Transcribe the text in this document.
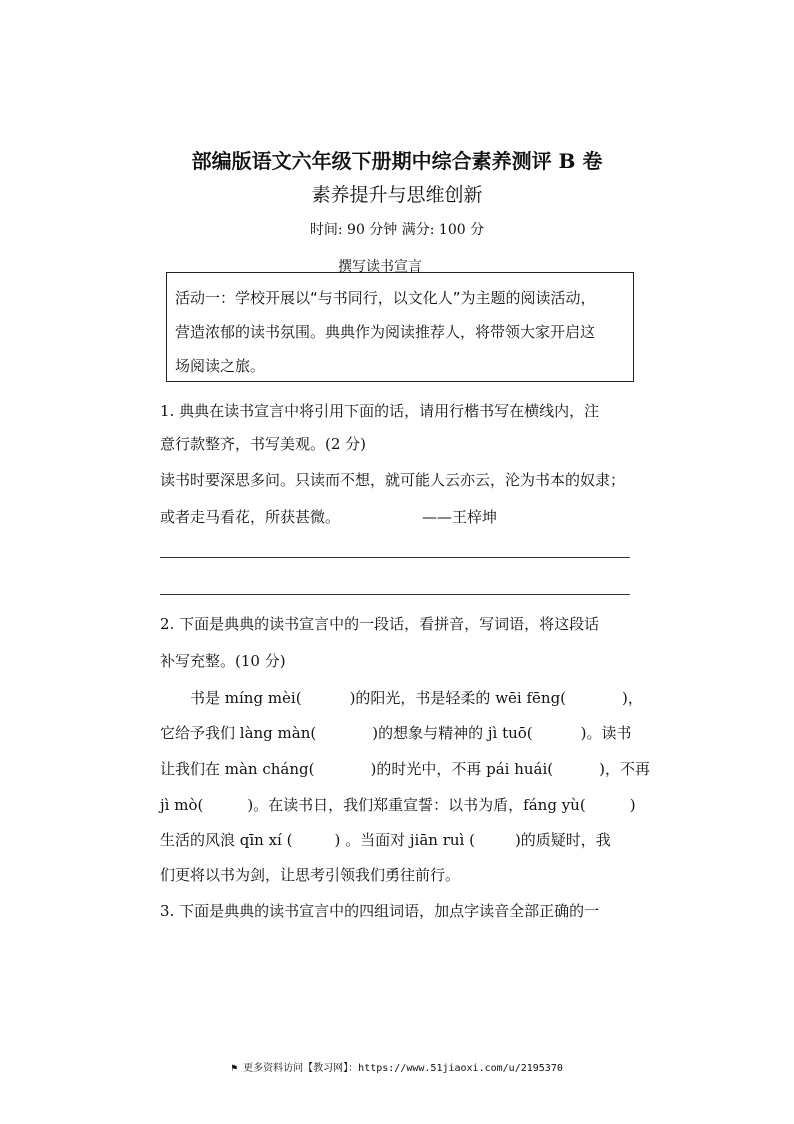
部编版语文六年级下册期中综合素养测评 B 卷
素养提升与思维创新
时间: 90 分钟 满分: 100 分
撰写读书宣言
活动一：学校开展以“与书同行，以文化人”为主题的阅读活动，
营造浓郁的读书氛围。典典作为阅读推荐人，将带领大家开启这
场阅读之旅。
1. 典典在读书宣言中将引用下面的话，请用行楷书写在横线内，注
意行款整齐，书写美观。(2 分)
读书时要深思多问。只读而不想，就可能人云亦云，沦为书本的奴隶；
或者走马看花，所获甚微。	——王梓坤
2. 下面是典典的读书宣言中的一段话，看拼音，写词语，将这段话
补写充整。(10 分)
书是 míng mèi(	)的阳光，书是轻柔的 wēi fēng(	)，
它给予我们 làng màn(	)的想象与精神的 jì tuō(	)。读书
让我们在 màn cháng(	)的时光中，不再 pái huái(	)，不再
jì mò(	)。在读书日，我们郑重宣誓：以书为盾，fáng yù(	)
生活的风浪 qīn xí (	) 。当面对 jiān ruì (	)的质疑时，我
们更将以书为剑，让思考引领我们勇往前行。
3. 下面是典典的读书宣言中的四组词语，加点字读音全部正确的一
⚑ 更多资料访问【教习网】：https://www.51jiaoxi.com/u/2195370
